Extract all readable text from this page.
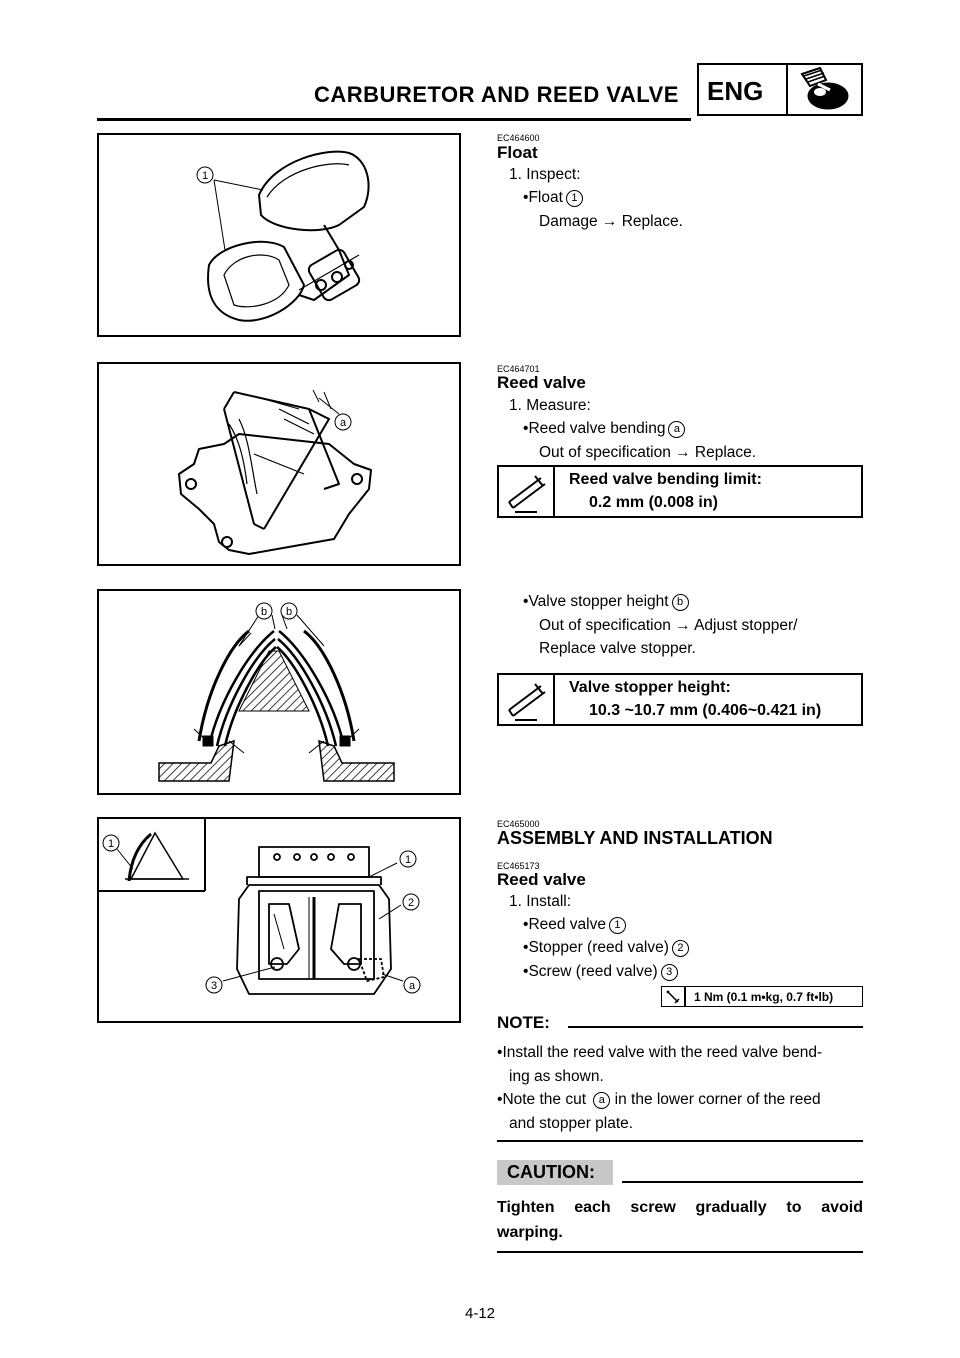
CARBURETOR AND REED VALVE ENG
1
EC464600
Float
1. Inspect:
•Float 1
Damage → Replace.
a
EC464701
Reed valve
1. Measure:
•Reed valve bending a
Out of specification → Replace.
Reed valve bending limit:
0.2 mm (0.008 in)
b b
•Valve stopper height b
Out of specification → Adjust stopper/
Replace valve stopper.
Valve stopper height:
10.3 ~10.7 mm (0.406~0.421 in)
1
1
2
3	a
EC465000
ASSEMBLY AND INSTALLATION
EC465173
Reed valve
1. Install:
•Reed valve 1
•Stopper (reed valve) 2
•Screw (reed valve) 3
1 Nm (0.1 m•kg, 0.7 ft•lb)
NOTE:
•Install the reed valve with the reed valve bend-
ing as shown.
•Note the cut a in the lower corner of the reed
and stopper plate.
CAUTION:
Tighten each screw gradually to avoid
warping.
4-12
